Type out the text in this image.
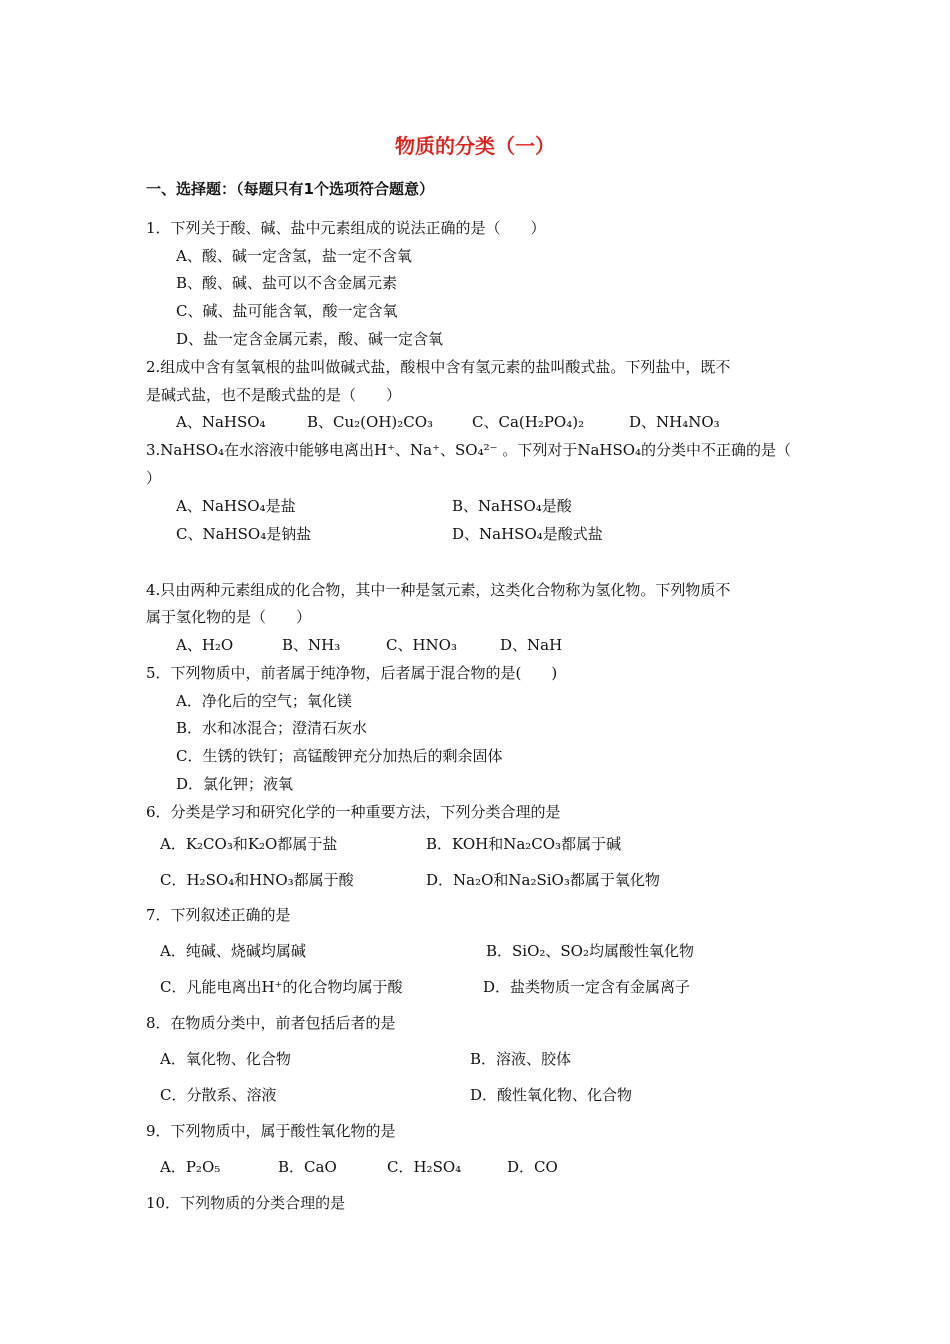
物质的分类（一）
一、选择题：（每题只有1个选项符合题意）
1．下列关于酸、碱、盐中元素组成的说法正确的是（　　）
A、酸、碱一定含氢，盐一定不含氧
B、酸、碱、盐可以不含金属元素
C、碱、盐可能含氧，酸一定含氧
D、盐一定含金属元素，酸、碱一定含氧
2.组成中含有氢氧根的盐叫做碱式盐，酸根中含有氢元素的盐叫酸式盐。下列盐中，既不
是碱式盐，也不是酸式盐的是（　　）
A、NaHSO₄	B、Cu₂(OH)₂CO₃	C、Ca(H₂PO₄)₂	D、NH₄NO₃
3.NaHSO₄在水溶液中能够电离出H⁺、Na⁺、SO₄²⁻ 。下列对于NaHSO₄的分类中不正确的是（
）
A、NaHSO₄是盐	B、NaHSO₄是酸
C、NaHSO₄是钠盐	D、NaHSO₄是酸式盐
4.只由两种元素组成的化合物，其中一种是氢元素，这类化合物称为氢化物。下列物质不
属于氢化物的是（　　）
A、H₂O	B、NH₃	C、HNO₃	D、NaH
5．下列物质中，前者属于纯净物，后者属于混合物的是(　　)
A．净化后的空气；氧化镁
B．水和冰混合；澄清石灰水
C．生锈的铁钉；高锰酸钾充分加热后的剩余固体
D．氯化钾；液氧
6．分类是学习和研究化学的一种重要方法，下列分类合理的是
A．K₂CO₃和K₂O都属于盐	B．KOH和Na₂CO₃都属于碱
C．H₂SO₄和HNO₃都属于酸	D．Na₂O和Na₂SiO₃都属于氧化物
7．下列叙述正确的是
A．纯碱、烧碱均属碱	B．SiO₂、SO₂均属酸性氧化物
C．凡能电离出H⁺的化合物均属于酸	D．盐类物质一定含有金属离子
8．在物质分类中，前者包括后者的是
A．氧化物、化合物	B．溶液、胶体
C．分散系、溶液	D．酸性氧化物、化合物
9．下列物质中，属于酸性氧化物的是
A．P₂O₅	B．CaO	C．H₂SO₄	D．CO
10．下列物质的分类合理的是
